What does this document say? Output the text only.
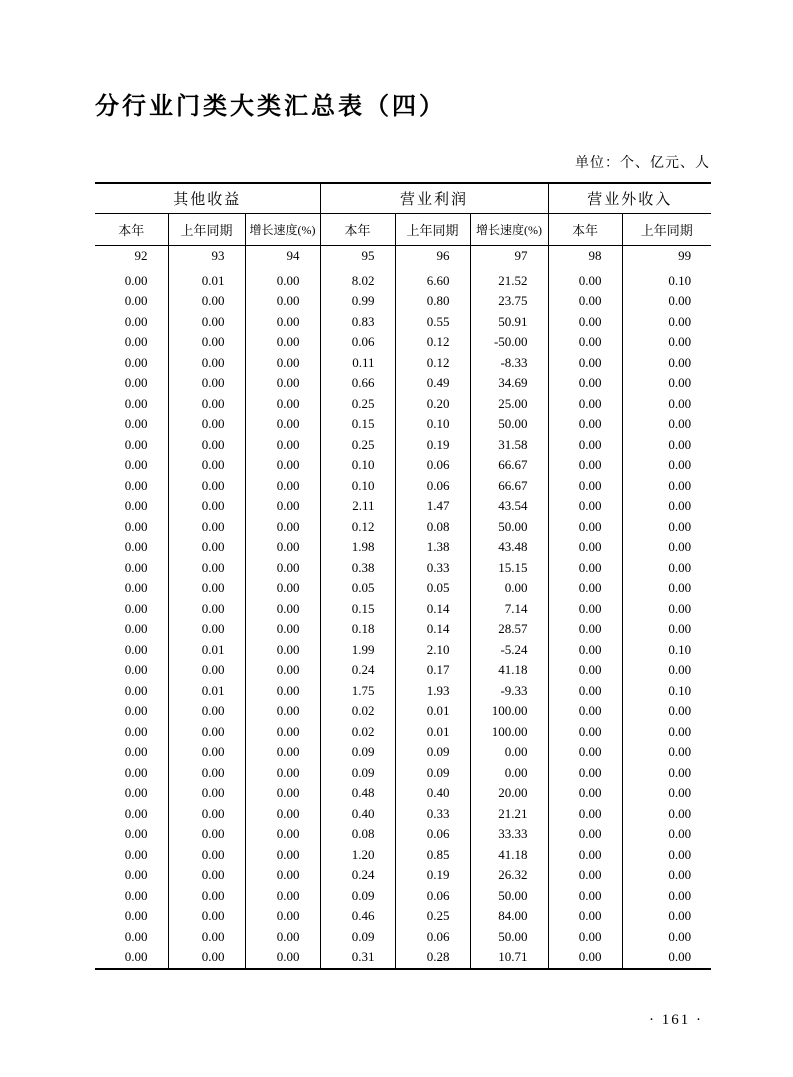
分行业门类大类汇总表（四）
单位：个、亿元、人
其他收益			营业利润			营业外收入	
本年	上年同期	增长速度(%)	本年	上年同期	增长速度(%)	本年	上年同期
92	93	94	95	96	97	98	99
0.00	0.01	0.00	8.02	6.60	21.52	0.00	0.10
0.00	0.00	0.00	0.99	0.80	23.75	0.00	0.00
0.00	0.00	0.00	0.83	0.55	50.91	0.00	0.00
0.00	0.00	0.00	0.06	0.12	-50.00	0.00	0.00
0.00	0.00	0.00	0.11	0.12	-8.33	0.00	0.00
0.00	0.00	0.00	0.66	0.49	34.69	0.00	0.00
0.00	0.00	0.00	0.25	0.20	25.00	0.00	0.00
0.00	0.00	0.00	0.15	0.10	50.00	0.00	0.00
0.00	0.00	0.00	0.25	0.19	31.58	0.00	0.00
0.00	0.00	0.00	0.10	0.06	66.67	0.00	0.00
0.00	0.00	0.00	0.10	0.06	66.67	0.00	0.00
0.00	0.00	0.00	2.11	1.47	43.54	0.00	0.00
0.00	0.00	0.00	0.12	0.08	50.00	0.00	0.00
0.00	0.00	0.00	1.98	1.38	43.48	0.00	0.00
0.00	0.00	0.00	0.38	0.33	15.15	0.00	0.00
0.00	0.00	0.00	0.05	0.05	0.00	0.00	0.00
0.00	0.00	0.00	0.15	0.14	7.14	0.00	0.00
0.00	0.00	0.00	0.18	0.14	28.57	0.00	0.00
0.00	0.01	0.00	1.99	2.10	-5.24	0.00	0.10
0.00	0.00	0.00	0.24	0.17	41.18	0.00	0.00
0.00	0.01	0.00	1.75	1.93	-9.33	0.00	0.10
0.00	0.00	0.00	0.02	0.01	100.00	0.00	0.00
0.00	0.00	0.00	0.02	0.01	100.00	0.00	0.00
0.00	0.00	0.00	0.09	0.09	0.00	0.00	0.00
0.00	0.00	0.00	0.09	0.09	0.00	0.00	0.00
0.00	0.00	0.00	0.48	0.40	20.00	0.00	0.00
0.00	0.00	0.00	0.40	0.33	21.21	0.00	0.00
0.00	0.00	0.00	0.08	0.06	33.33	0.00	0.00
0.00	0.00	0.00	1.20	0.85	41.18	0.00	0.00
0.00	0.00	0.00	0.24	0.19	26.32	0.00	0.00
0.00	0.00	0.00	0.09	0.06	50.00	0.00	0.00
0.00	0.00	0.00	0.46	0.25	84.00	0.00	0.00
0.00	0.00	0.00	0.09	0.06	50.00	0.00	0.00
0.00	0.00	0.00	0.31	0.28	10.71	0.00	0.00
· 161 ·
